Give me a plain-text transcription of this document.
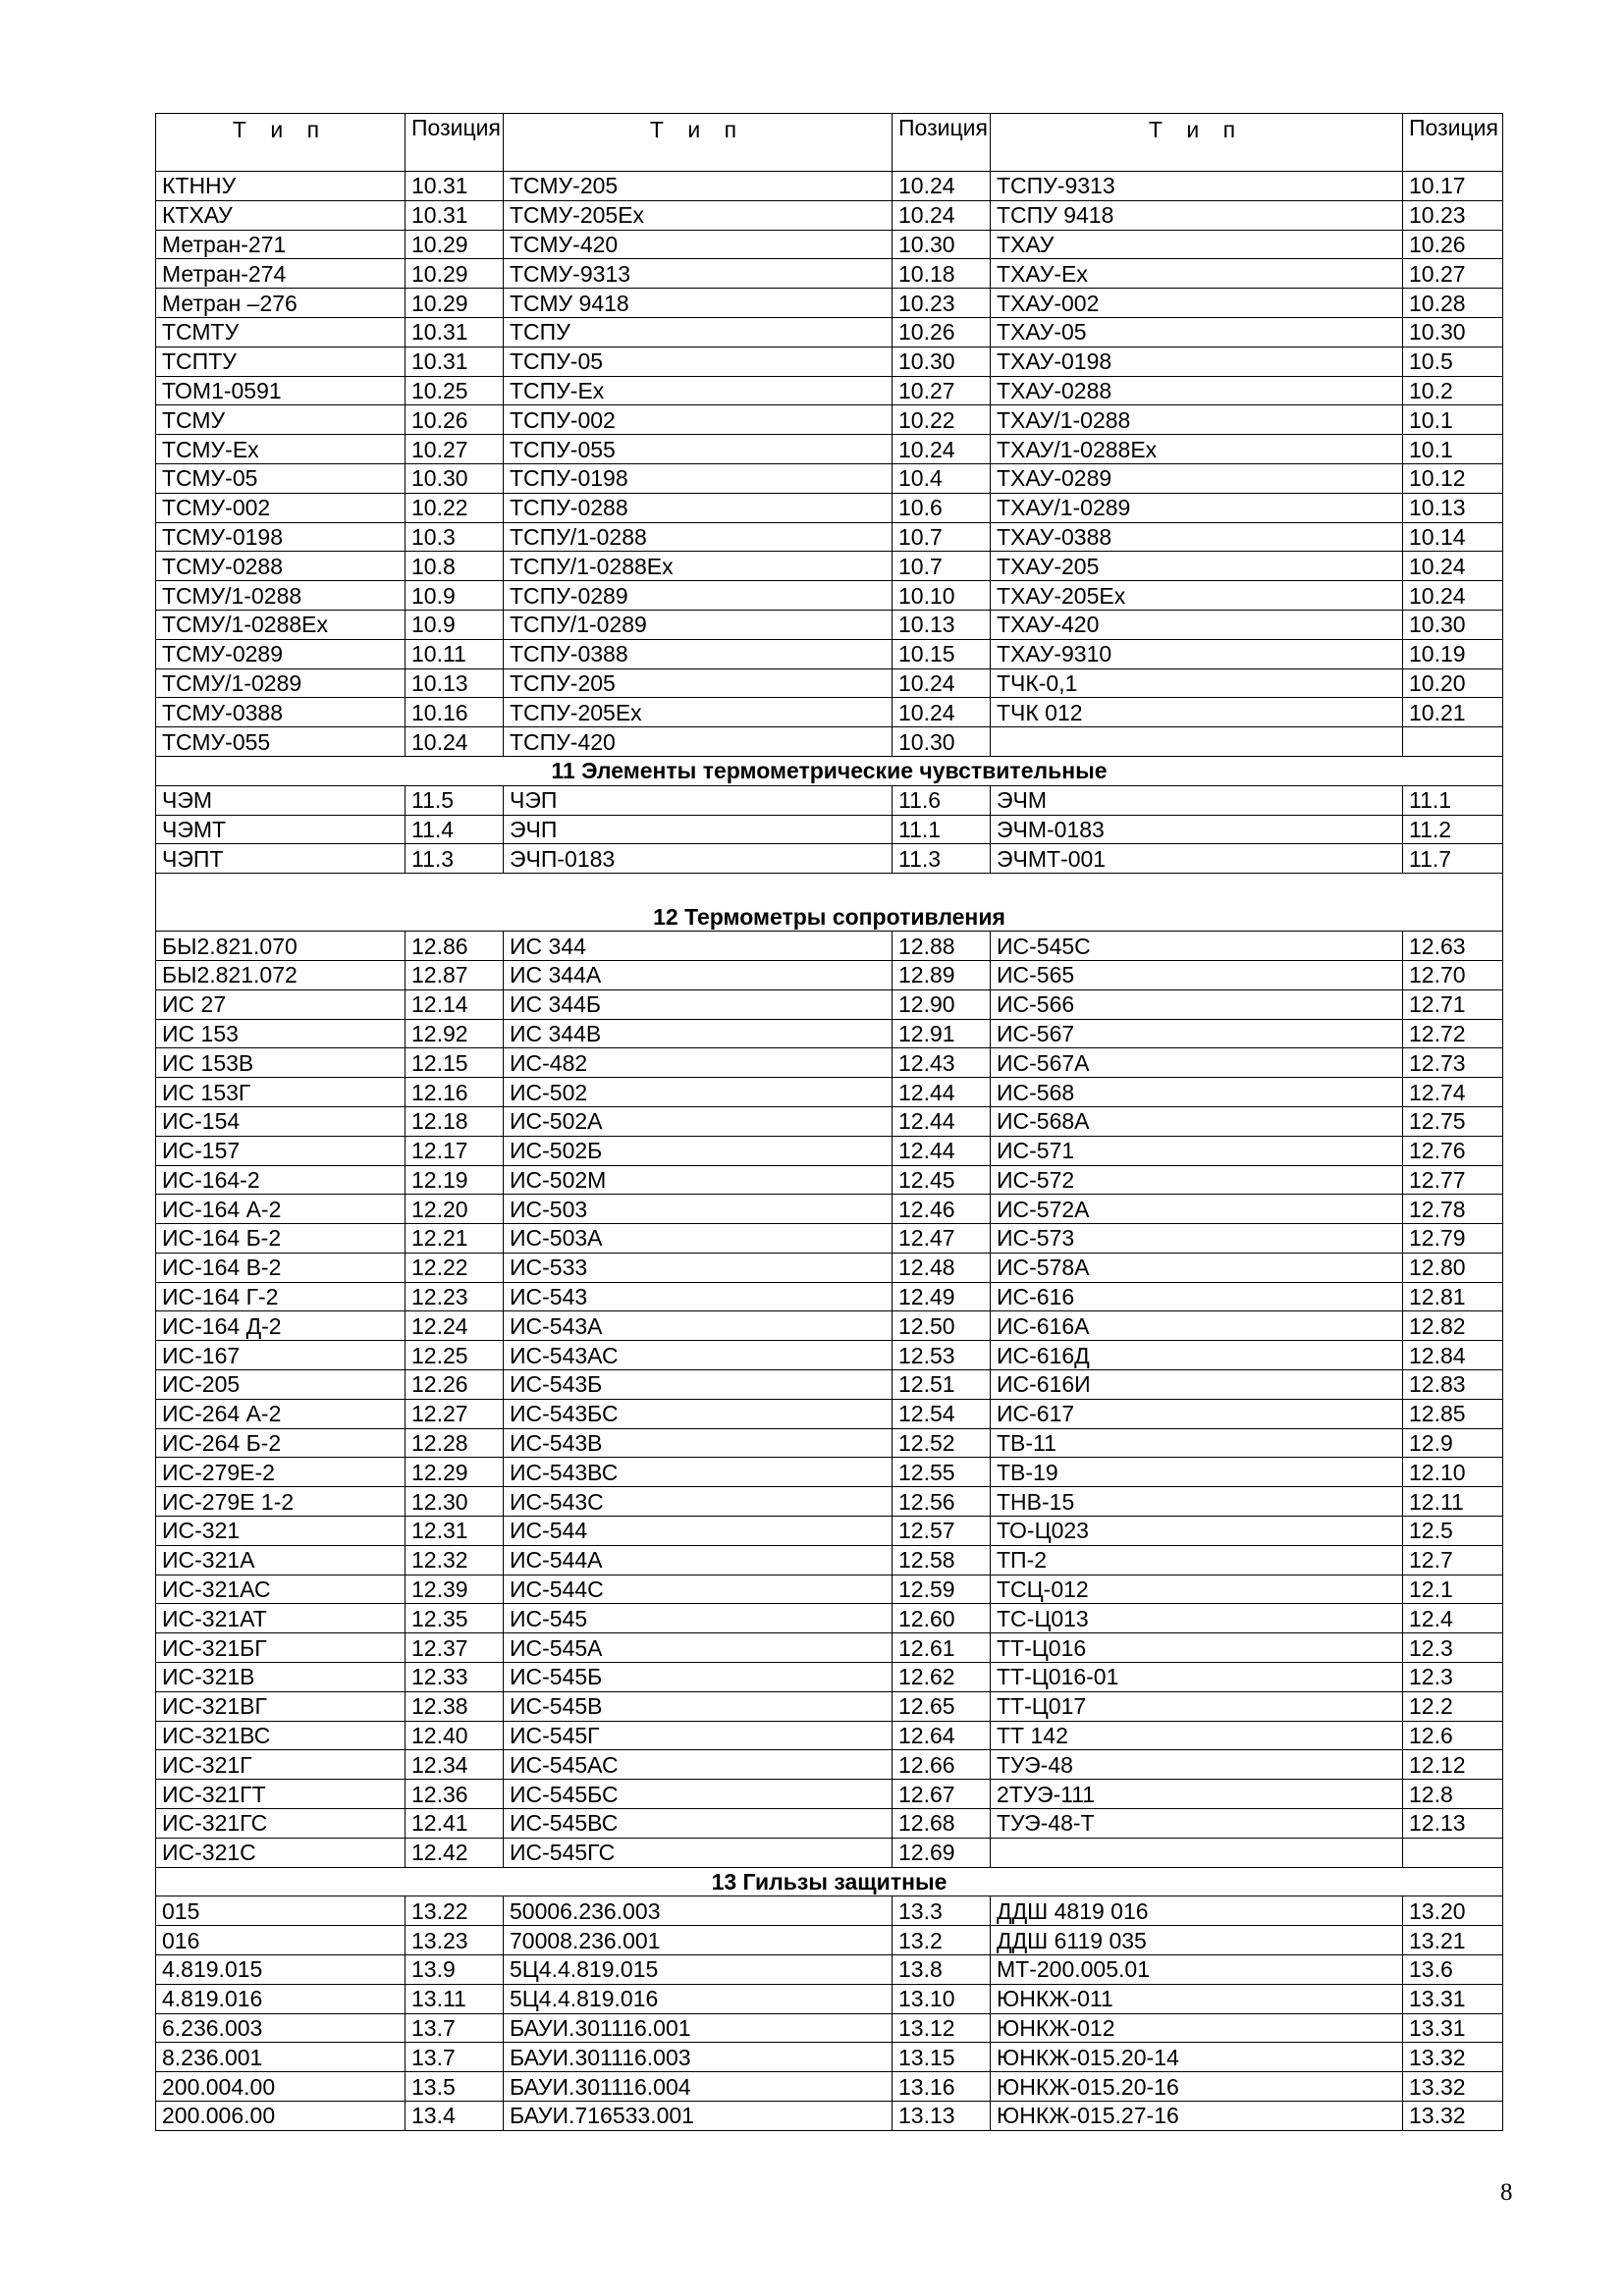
Т и п	Позиция	Т и п	Позиция	Т и п	Позиция
КТННУ	10.31	ТСМУ-205	10.24	ТСПУ-9313	10.17
КТХАУ	10.31	ТСМУ-205Ех	10.24	ТСПУ 9418	10.23
Метран-271	10.29	ТСМУ-420	10.30	ТХАУ	10.26
Метран-274	10.29	ТСМУ-9313	10.18	ТХАУ-Ех	10.27
Метран –276	10.29	ТСМУ 9418	10.23	ТХАУ-002	10.28
ТСМТУ	10.31	ТСПУ	10.26	ТХАУ-05	10.30
ТСПТУ	10.31	ТСПУ-05	10.30	ТХАУ-0198	10.5
ТОМ1-0591	10.25	ТСПУ-Ех	10.27	ТХАУ-0288	10.2
ТСМУ	10.26	ТСПУ-002	10.22	ТХАУ/1-0288	10.1
ТСМУ-Ех	10.27	ТСПУ-055	10.24	ТХАУ/1-0288Ех	10.1
ТСМУ-05	10.30	ТСПУ-0198	10.4	ТХАУ-0289	10.12
ТСМУ-002	10.22	ТСПУ-0288	10.6	ТХАУ/1-0289	10.13
ТСМУ-0198	10.3	ТСПУ/1-0288	10.7	ТХАУ-0388	10.14
ТСМУ-0288	10.8	ТСПУ/1-0288Ех	10.7	ТХАУ-205	10.24
ТСМУ/1-0288	10.9	ТСПУ-0289	10.10	ТХАУ-205Ех	10.24
ТСМУ/1-0288Ех	10.9	ТСПУ/1-0289	10.13	ТХАУ-420	10.30
ТСМУ-0289	10.11	ТСПУ-0388	10.15	ТХАУ-9310	10.19
ТСМУ/1-0289	10.13	ТСПУ-205	10.24	ТЧК-0,1	10.20
ТСМУ-0388	10.16	ТСПУ-205Ех	10.24	ТЧК 012	10.21
ТСМУ-055	10.24	ТСПУ-420	10.30		
11 Элементы термометрические чувствительные					
ЧЭМ	11.5	ЧЭП	11.6	ЭЧМ	11.1
ЧЭМТ	11.4	ЭЧП	11.1	ЭЧМ-0183	11.2
ЧЭПТ	11.3	ЭЧП-0183	11.3	ЭЧМТ-001	11.7
12 Термометры сопротивления					
БЫ2.821.070	12.86	ИС 344	12.88	ИС-545С	12.63
БЫ2.821.072	12.87	ИС 344А	12.89	ИС-565	12.70
ИС 27	12.14	ИС 344Б	12.90	ИС-566	12.71
ИС 153	12.92	ИС 344В	12.91	ИС-567	12.72
ИС 153В	12.15	ИС-482	12.43	ИС-567А	12.73
ИС 153Г	12.16	ИС-502	12.44	ИС-568	12.74
ИС-154	12.18	ИС-502А	12.44	ИС-568А	12.75
ИС-157	12.17	ИС-502Б	12.44	ИС-571	12.76
ИС-164-2	12.19	ИС-502М	12.45	ИС-572	12.77
ИС-164 А-2	12.20	ИС-503	12.46	ИС-572А	12.78
ИС-164 Б-2	12.21	ИС-503А	12.47	ИС-573	12.79
ИС-164 В-2	12.22	ИС-533	12.48	ИС-578А	12.80
ИС-164 Г-2	12.23	ИС-543	12.49	ИС-616	12.81
ИС-164 Д-2	12.24	ИС-543А	12.50	ИС-616А	12.82
ИС-167	12.25	ИС-543АС	12.53	ИС-616Д	12.84
ИС-205	12.26	ИС-543Б	12.51	ИС-616И	12.83
ИС-264 А-2	12.27	ИС-543БС	12.54	ИС-617	12.85
ИС-264 Б-2	12.28	ИС-543В	12.52	ТВ-11	12.9
ИС-279Е-2	12.29	ИС-543ВС	12.55	ТВ-19	12.10
ИС-279Е 1-2	12.30	ИС-543С	12.56	ТНВ-15	12.11
ИС-321	12.31	ИС-544	12.57	ТО-Ц023	12.5
ИС-321А	12.32	ИС-544А	12.58	ТП-2	12.7
ИС-321АС	12.39	ИС-544С	12.59	ТСЦ-012	12.1
ИС-321АТ	12.35	ИС-545	12.60	ТС-Ц013	12.4
ИС-321БГ	12.37	ИС-545А	12.61	ТТ-Ц016	12.3
ИС-321В	12.33	ИС-545Б	12.62	ТТ-Ц016-01	12.3
ИС-321ВГ	12.38	ИС-545В	12.65	ТТ-Ц017	12.2
ИС-321ВС	12.40	ИС-545Г	12.64	ТТ 142	12.6
ИС-321Г	12.34	ИС-545АС	12.66	ТУЭ-48	12.12
ИС-321ГТ	12.36	ИС-545БС	12.67	2ТУЭ-111	12.8
ИС-321ГС	12.41	ИС-545ВС	12.68	ТУЭ-48-Т	12.13
ИС-321С	12.42	ИС-545ГС	12.69		
13 Гильзы защитные					
015	13.22	50006.236.003	13.3	ДДШ 4819 016	13.20
016	13.23	70008.236.001	13.2	ДДШ 6119 035	13.21
4.819.015	13.9	5Ц4.4.819.015	13.8	МТ-200.005.01	13.6
4.819.016	13.11	5Ц4.4.819.016	13.10	ЮНКЖ-011	13.31
6.236.003	13.7	БАУИ.301116.001	13.12	ЮНКЖ-012	13.31
8.236.001	13.7	БАУИ.301116.003	13.15	ЮНКЖ-015.20-14	13.32
200.004.00	13.5	БАУИ.301116.004	13.16	ЮНКЖ-015.20-16	13.32
200.006.00	13.4	БАУИ.716533.001	13.13	ЮНКЖ-015.27-16	13.32
8
